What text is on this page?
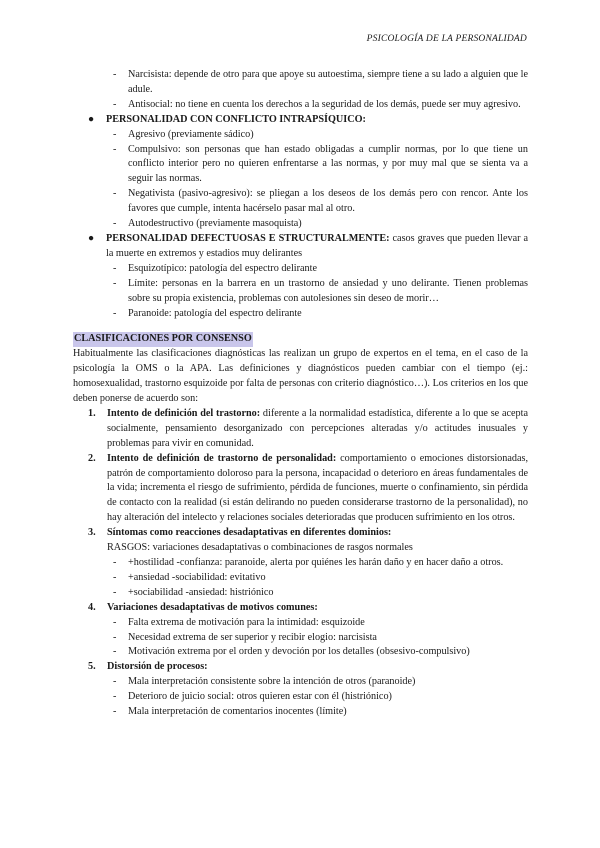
PSICOLOGÍA DE LA PERSONALIDAD
- Narcisista: depende de otro para que apoye su autoestima, siempre tiene a su lado a alguien que le adule.
- Antisocial: no tiene en cuenta los derechos a la seguridad de los demás, puede ser muy agresivo.
● PERSONALIDAD CON CONFLICTO INTRAPSÍQUICO:
- Agresivo (previamente sádico)
- Compulsivo: son personas que han estado obligadas a cumplir normas, por lo que tiene un conflicto interior pero no quieren enfrentarse a las normas, y por muy mal que se sienta va a seguir las normas.
- Negativista (pasivo-agresivo): se pliegan a los deseos de los demás pero con rencor. Ante los favores que cumple, intenta hacérselo pasar mal al otro.
- Autodestructivo (previamente masoquista)
● PERSONALIDAD DEFECTUOSAS E STRUCTURALMENTE: casos graves que pueden llevar a la muerte en extremos y estadios muy delirantes
- Esquizotípico: patología del espectro delirante
- Límite: personas en la barrera en un trastorno de ansiedad y uno delirante. Tienen problemas sobre su propia existencia, problemas con autolesiones sin deseo de morir…
- Paranoide: patología del espectro delirante
CLASIFICACIONES POR CONSENSO

Habitualmente las clasificaciones diagnósticas las realizan un grupo de expertos en el tema, en el caso de la psicología la OMS o la APA. Las definiciones y diagnósticos pueden cambiar con el tiempo (ej.: homosexualidad, trastorno esquizoide por falta de personas con criterio diagnóstico…). Los criterios en los que deben ponerse de acuerdo son:

1. Intento de definición del trastorno: diferente a la normalidad estadística, diferente a lo que se acepta socialmente, pensamiento desorganizado con percepciones alteradas y/o actitudes inusuales y problemas para vivir en comunidad.
2. Intento de definición de trastorno de personalidad: comportamiento o emociones distorsionadas, patrón de comportamiento doloroso para la persona, incapacidad o deterioro en áreas fundamentales de la vida; incrementa el riesgo de sufrimiento, pérdida de funciones, muerte o confinamiento, sin pérdida de contacto con la realidad (si están delirando no pueden considerarse trastorno de la personalidad), no hay alteración del intelecto y relaciones sociales deterioradas que producen sufrimiento en los otros.
3. Síntomas como reacciones desadaptativas en diferentes dominios:
RASGOS: variaciones desadaptativas o combinaciones de rasgos normales
- +hostilidad -confianza: paranoide, alerta por quiénes les harán daño y en hacer daño a otros.
- +ansiedad -sociabilidad: evitativo
- +sociabilidad -ansiedad: histriónico
4. Variaciones desadaptativas de motivos comunes:
- Falta extrema de motivación para la intimidad: esquizoide
- Necesidad extrema de ser superior y recibir elogio: narcisista
- Motivación extrema por el orden y devoción por los detalles (obsesivo-compulsivo)
5. Distorsión de procesos:
- Mala interpretación consistente sobre la intención de otros (paranoide)
- Deterioro de juicio social: otros quieren estar con él (histriónico)
- Mala interpretación de comentarios inocentes (límite)
